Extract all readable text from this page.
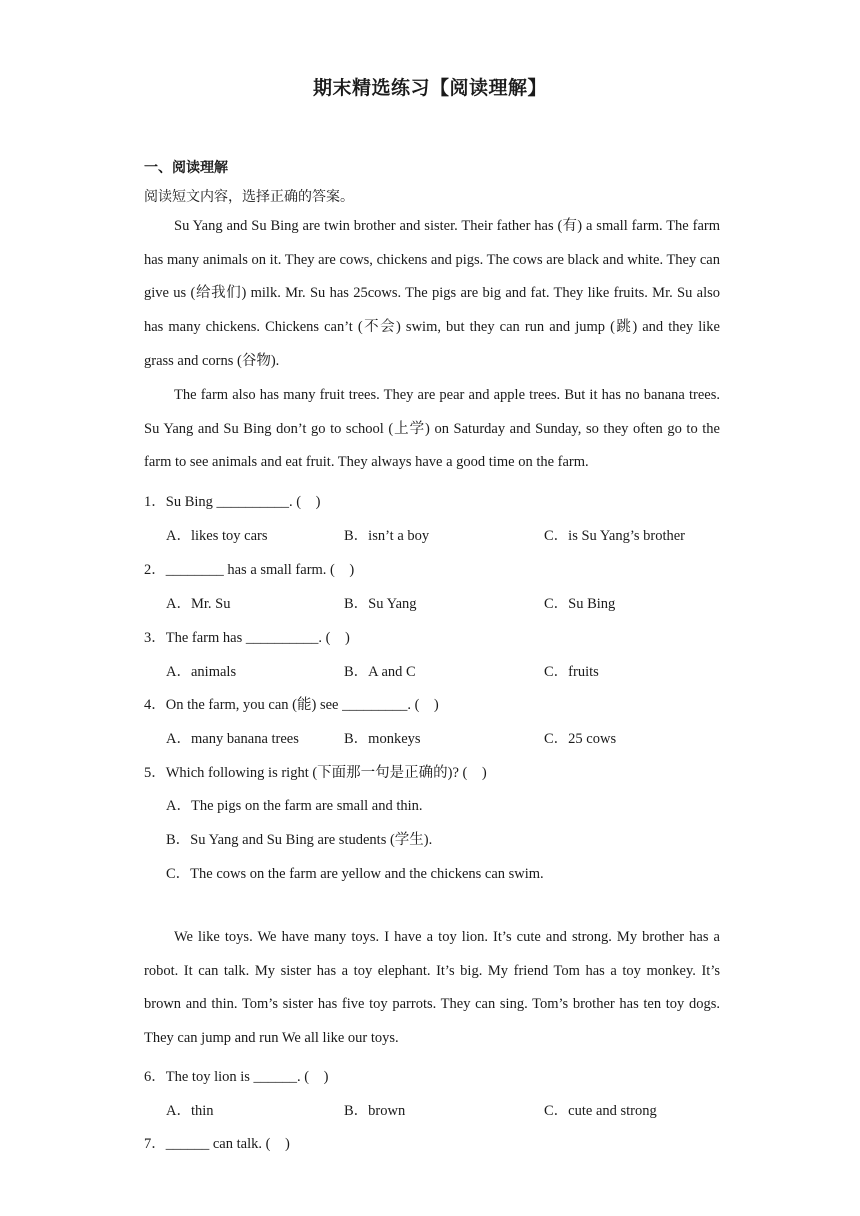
期末精选练习【阅读理解】
一、阅读理解
阅读短文内容，选择正确的答案。

Su Yang and Su Bing are twin brother and sister. Their father has (有) a small farm. The farm has many animals on it. They are cows, chickens and pigs. The cows are black and white. They can give us (给我们) milk. Mr. Su has 25cows. The pigs are big and fat. They like fruits. Mr. Su also has many chickens. Chickens can’t (不会) swim, but they can run and jump (跳) and they like grass and corns (谷物).

The farm also has many fruit trees. They are pear and apple trees. But it has no banana trees. Su Yang and Su Bing don’t go to school (上学) on Saturday and Sunday, so they often go to the farm to see animals and eat fruit. They always have a good time on the farm.

1．Su Bing __________. (　)
A．likes toy cars	B．isn’t a boy	C．is Su Yang’s brother
2．________ has a small farm. (　)
A．Mr. Su	B．Su Yang	C．Su Bing
3．The farm has __________. (　)
A．animals	B．A and C	C．fruits
4．On the farm, you can (能) see _________. (　)
A．many banana trees	B．monkeys	C．25 cows
5．Which following is right (下面那一句是正确的)? (　)
A．The pigs on the farm are small and thin.
B．Su Yang and Su Bing are students (学生).
C．The cows on the farm are yellow and the chickens can swim.

We like toys. We have many toys. I have a toy lion. It’s cute and strong. My brother has a robot. It can talk. My sister has a toy elephant. It’s big. My friend Tom has a toy monkey. It’s brown and thin. Tom’s sister has five toy parrots. They can sing. Tom’s brother has ten toy dogs. They can jump and run We all like our toys.

6．The toy lion is ______. (　)
A．thin	B．brown	C．cute and strong
7．______ can talk. (　)
